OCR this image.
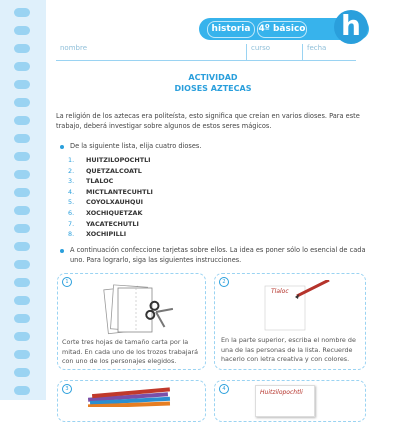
historia 4º básico h
nombre	curso	fecha
ACTIVIDAD
DIOSES AZTECAS
La religión de los aztecas era politeísta, esto significa que creían en varios dioses. Para este trabajo, deberá investigar sobre algunos de estos seres mágicos.
De la siguiente lista, elija cuatro dioses.
1. HUITZILOPOCHTLI
2. QUETZALCOATL
3. TLALOC
4. MICTLANTECUHTLI
5. COYOLXAUHQUI
6. XOCHIQUETZAK
7. YACATECHUTLI
8. XOCHIPILLI
A continuación confeccione tarjetas sobre ellos. La idea es poner sólo lo esencial de cada uno. Para lograrlo, siga las siguientes instrucciones.
1
Corte tres hojas de tamaño carta por la mitad. En cada uno de los trozos trabajará con uno de los personajes elegidos.
2
Tlaloc
En la parte superior, escriba el nombre de una de las personas de la lista. Recuerde hacerlo con letra creativa y con colores.
3	4	Huitzilopochtli
